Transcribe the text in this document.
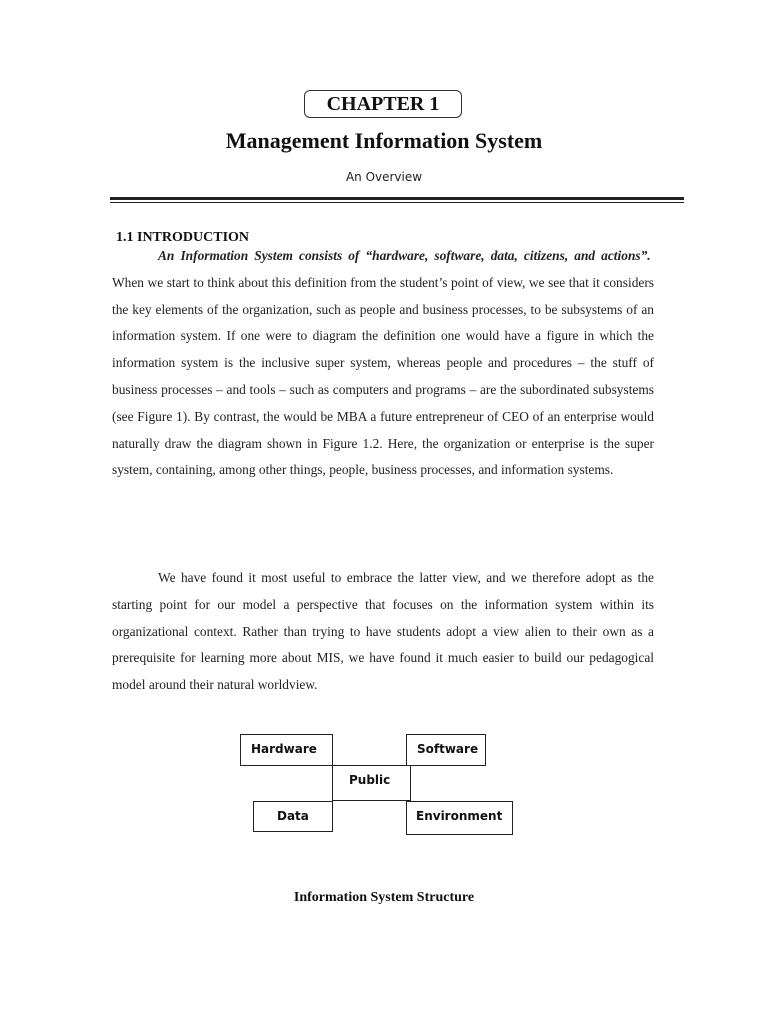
CHAPTER 1
Management Information System
An Overview
1.1 INTRODUCTION
An Information System consists of “hardware, software, data, citizens, and actions”.  When we start to think about this definition from the student’s point of view, we see that it considers the key elements of the organization, such as people and business processes, to be subsystems of an information system. If one were to diagram the definition one would have a figure in which the information system is the inclusive super system, whereas people and procedures – the stuff of business processes – and tools – such as computers and programs – are the subordinated subsystems (see Figure 1). By contrast, the would be MBA a future entrepreneur of CEO of an enterprise would naturally draw the diagram shown in Figure 1.2. Here, the organization or enterprise is the super system, containing, among other things, people, business processes, and information systems.
We have found it most useful to embrace the latter view, and we therefore adopt as the starting point for our model a perspective that focuses on the information system within its organizational context. Rather than trying to have students adopt a view alien to their own as a prerequisite for learning more about MIS, we have found it much easier to build our pedagogical model around their natural worldview.
Hardware	Software
Public
Data	Environment
Information System Structure
